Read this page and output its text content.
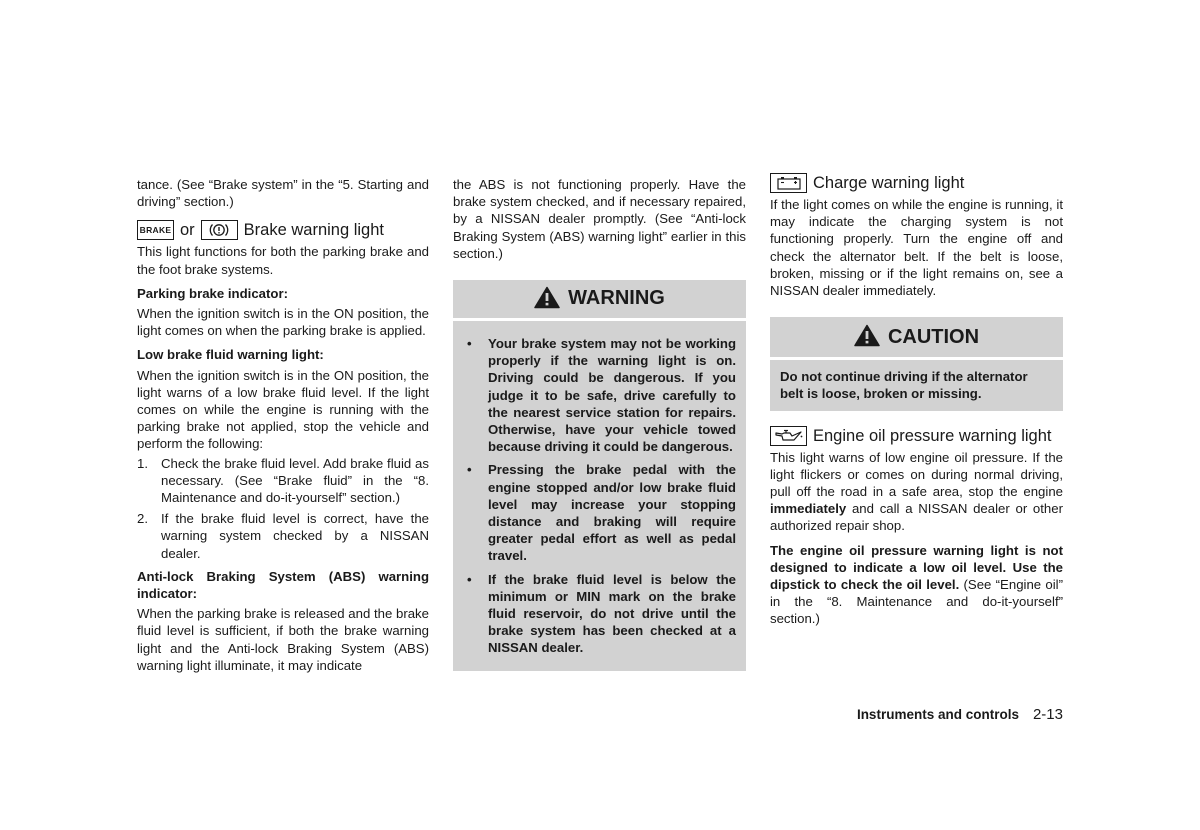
tance. (See “Brake system” in the “5. Starting and driving” section.)

BRAKE or	Brake warning light

This light functions for both the parking brake and the foot brake systems.

Parking brake indicator:

When the ignition switch is in the ON position, the light comes on when the parking brake is applied.

Low brake fluid warning light:

When the ignition switch is in the ON position, the light warns of a low brake fluid level. If the light comes on while the engine is running with the parking brake not applied, stop the vehicle and perform the following:

1. Check the brake fluid level. Add brake fluid as necessary. (See “Brake fluid” in the “8. Maintenance and do-it-yourself” section.)
2. If the brake fluid level is correct, have the warning system checked by a NISSAN dealer.

Anti-lock Braking System (ABS) warning indicator:

When the parking brake is released and the brake fluid level is sufficient, if both the brake warning light and the Anti-lock Braking System (ABS) warning light illuminate, it may indicate

the ABS is not functioning properly. Have the brake system checked, and if necessary repaired, by a NISSAN dealer promptly. (See “Anti-lock Braking System (ABS) warning light” earlier in this section.)

WARNING
• Your brake system may not be working properly if the warning light is on. Driving could be dangerous. If you judge it to be safe, drive carefully to the nearest service station for repairs. Otherwise, have your vehicle towed because driving it could be dangerous.
• Pressing the brake pedal with the engine stopped and/or low brake fluid level may increase your stopping distance and braking will require greater pedal effort as well as pedal travel.
• If the brake fluid level is below the minimum or MIN mark on the brake fluid reservoir, do not drive until the brake system has been checked at a NISSAN dealer.
Charge warning light

If the light comes on while the engine is running, it may indicate the charging system is not functioning properly. Turn the engine off and check the alternator belt. If the belt is loose, broken, missing or if the light remains on, see a NISSAN dealer immediately.

CAUTION
Do not continue driving if the alternator belt is loose, broken or missing.
Engine oil pressure warning light

This light warns of low engine oil pressure. If the light flickers or comes on during normal driving, pull off the road in a safe area, stop the engine immediately and call a NISSAN dealer or other authorized repair shop.

The engine oil pressure warning light is not designed to indicate a low oil level. Use the dipstick to check the oil level. (See “Engine oil” in the “8. Maintenance and do-it-yourself” section.)

Instruments and controls 2-13
